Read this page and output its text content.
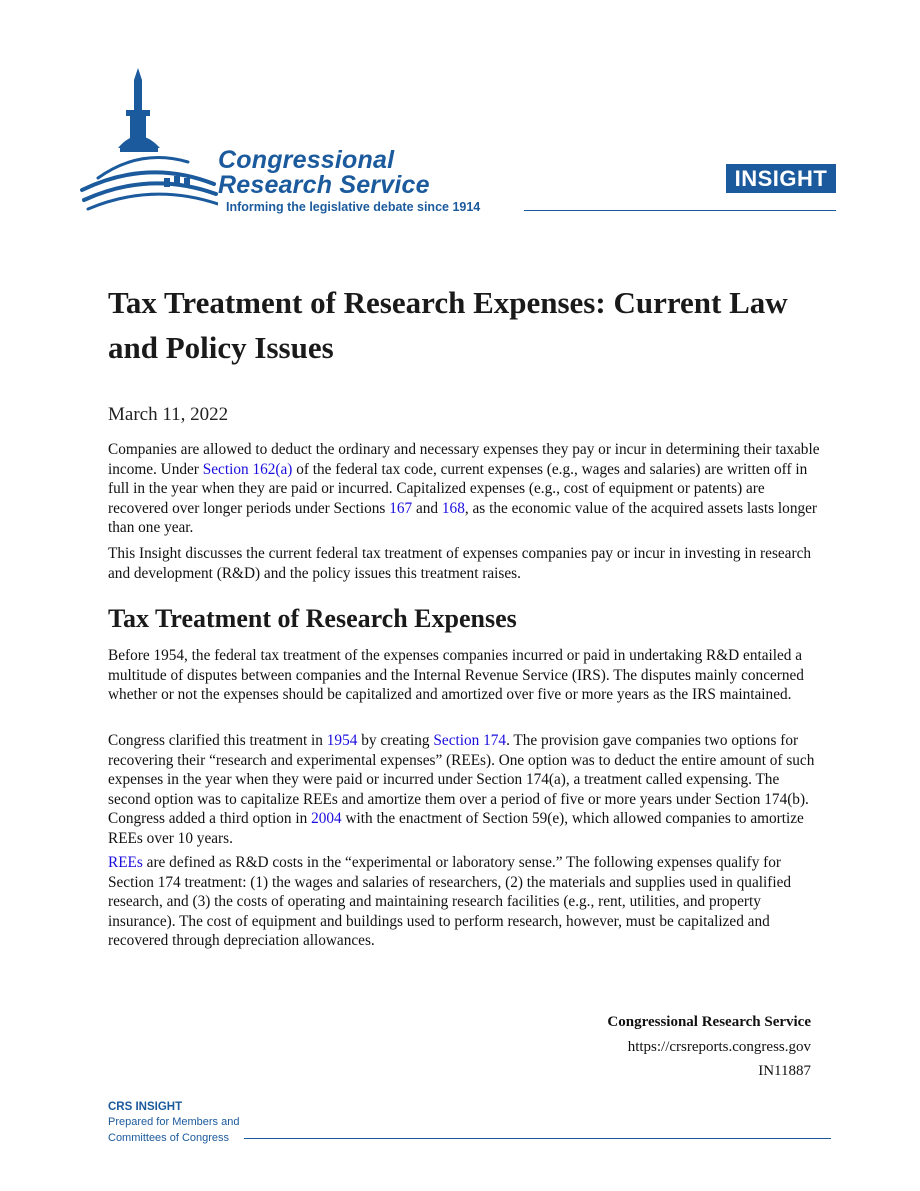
Congressional
Research Service
Informing the legislative debate since 1914
INSIGHT
Tax Treatment of Research Expenses: Current Law and Policy Issues
March 11, 2022

Companies are allowed to deduct the ordinary and necessary expenses they pay or incur in determining their taxable income. Under Section 162(a) of the federal tax code, current expenses (e.g., wages and salaries) are written off in full in the year when they are paid or incurred. Capitalized expenses (e.g., cost of equipment or patents) are recovered over longer periods under Sections 167 and 168, as the economic value of the acquired assets lasts longer than one year.

This Insight discusses the current federal tax treatment of expenses companies pay or incur in investing in research and development (R&D) and the policy issues this treatment raises.

Tax Treatment of Research Expenses

Before 1954, the federal tax treatment of the expenses companies incurred or paid in undertaking R&D entailed a multitude of disputes between companies and the Internal Revenue Service (IRS). The disputes mainly concerned whether or not the expenses should be capitalized and amortized over five or more years as the IRS maintained.

Congress clarified this treatment in 1954 by creating Section 174. The provision gave companies two options for recovering their “research and experimental expenses” (REEs). One option was to deduct the entire amount of such expenses in the year when they were paid or incurred under Section 174(a), a treatment called expensing. The second option was to capitalize REEs and amortize them over a period of five or more years under Section 174(b). Congress added a third option in 2004 with the enactment of Section 59(e), which allowed companies to amortize REEs over 10 years.

REEs are defined as R&D costs in the “experimental or laboratory sense.” The following expenses qualify for Section 174 treatment: (1) the wages and salaries of researchers, (2) the materials and supplies used in qualified research, and (3) the costs of operating and maintaining research facilities (e.g., rent, utilities, and property insurance). The cost of equipment and buildings used to perform research, however, must be capitalized and recovered through depreciation allowances.

Congressional Research Service
https://crsreports.congress.gov
IN11887
CRS INSIGHT
Prepared for Members and
Committees of Congress
